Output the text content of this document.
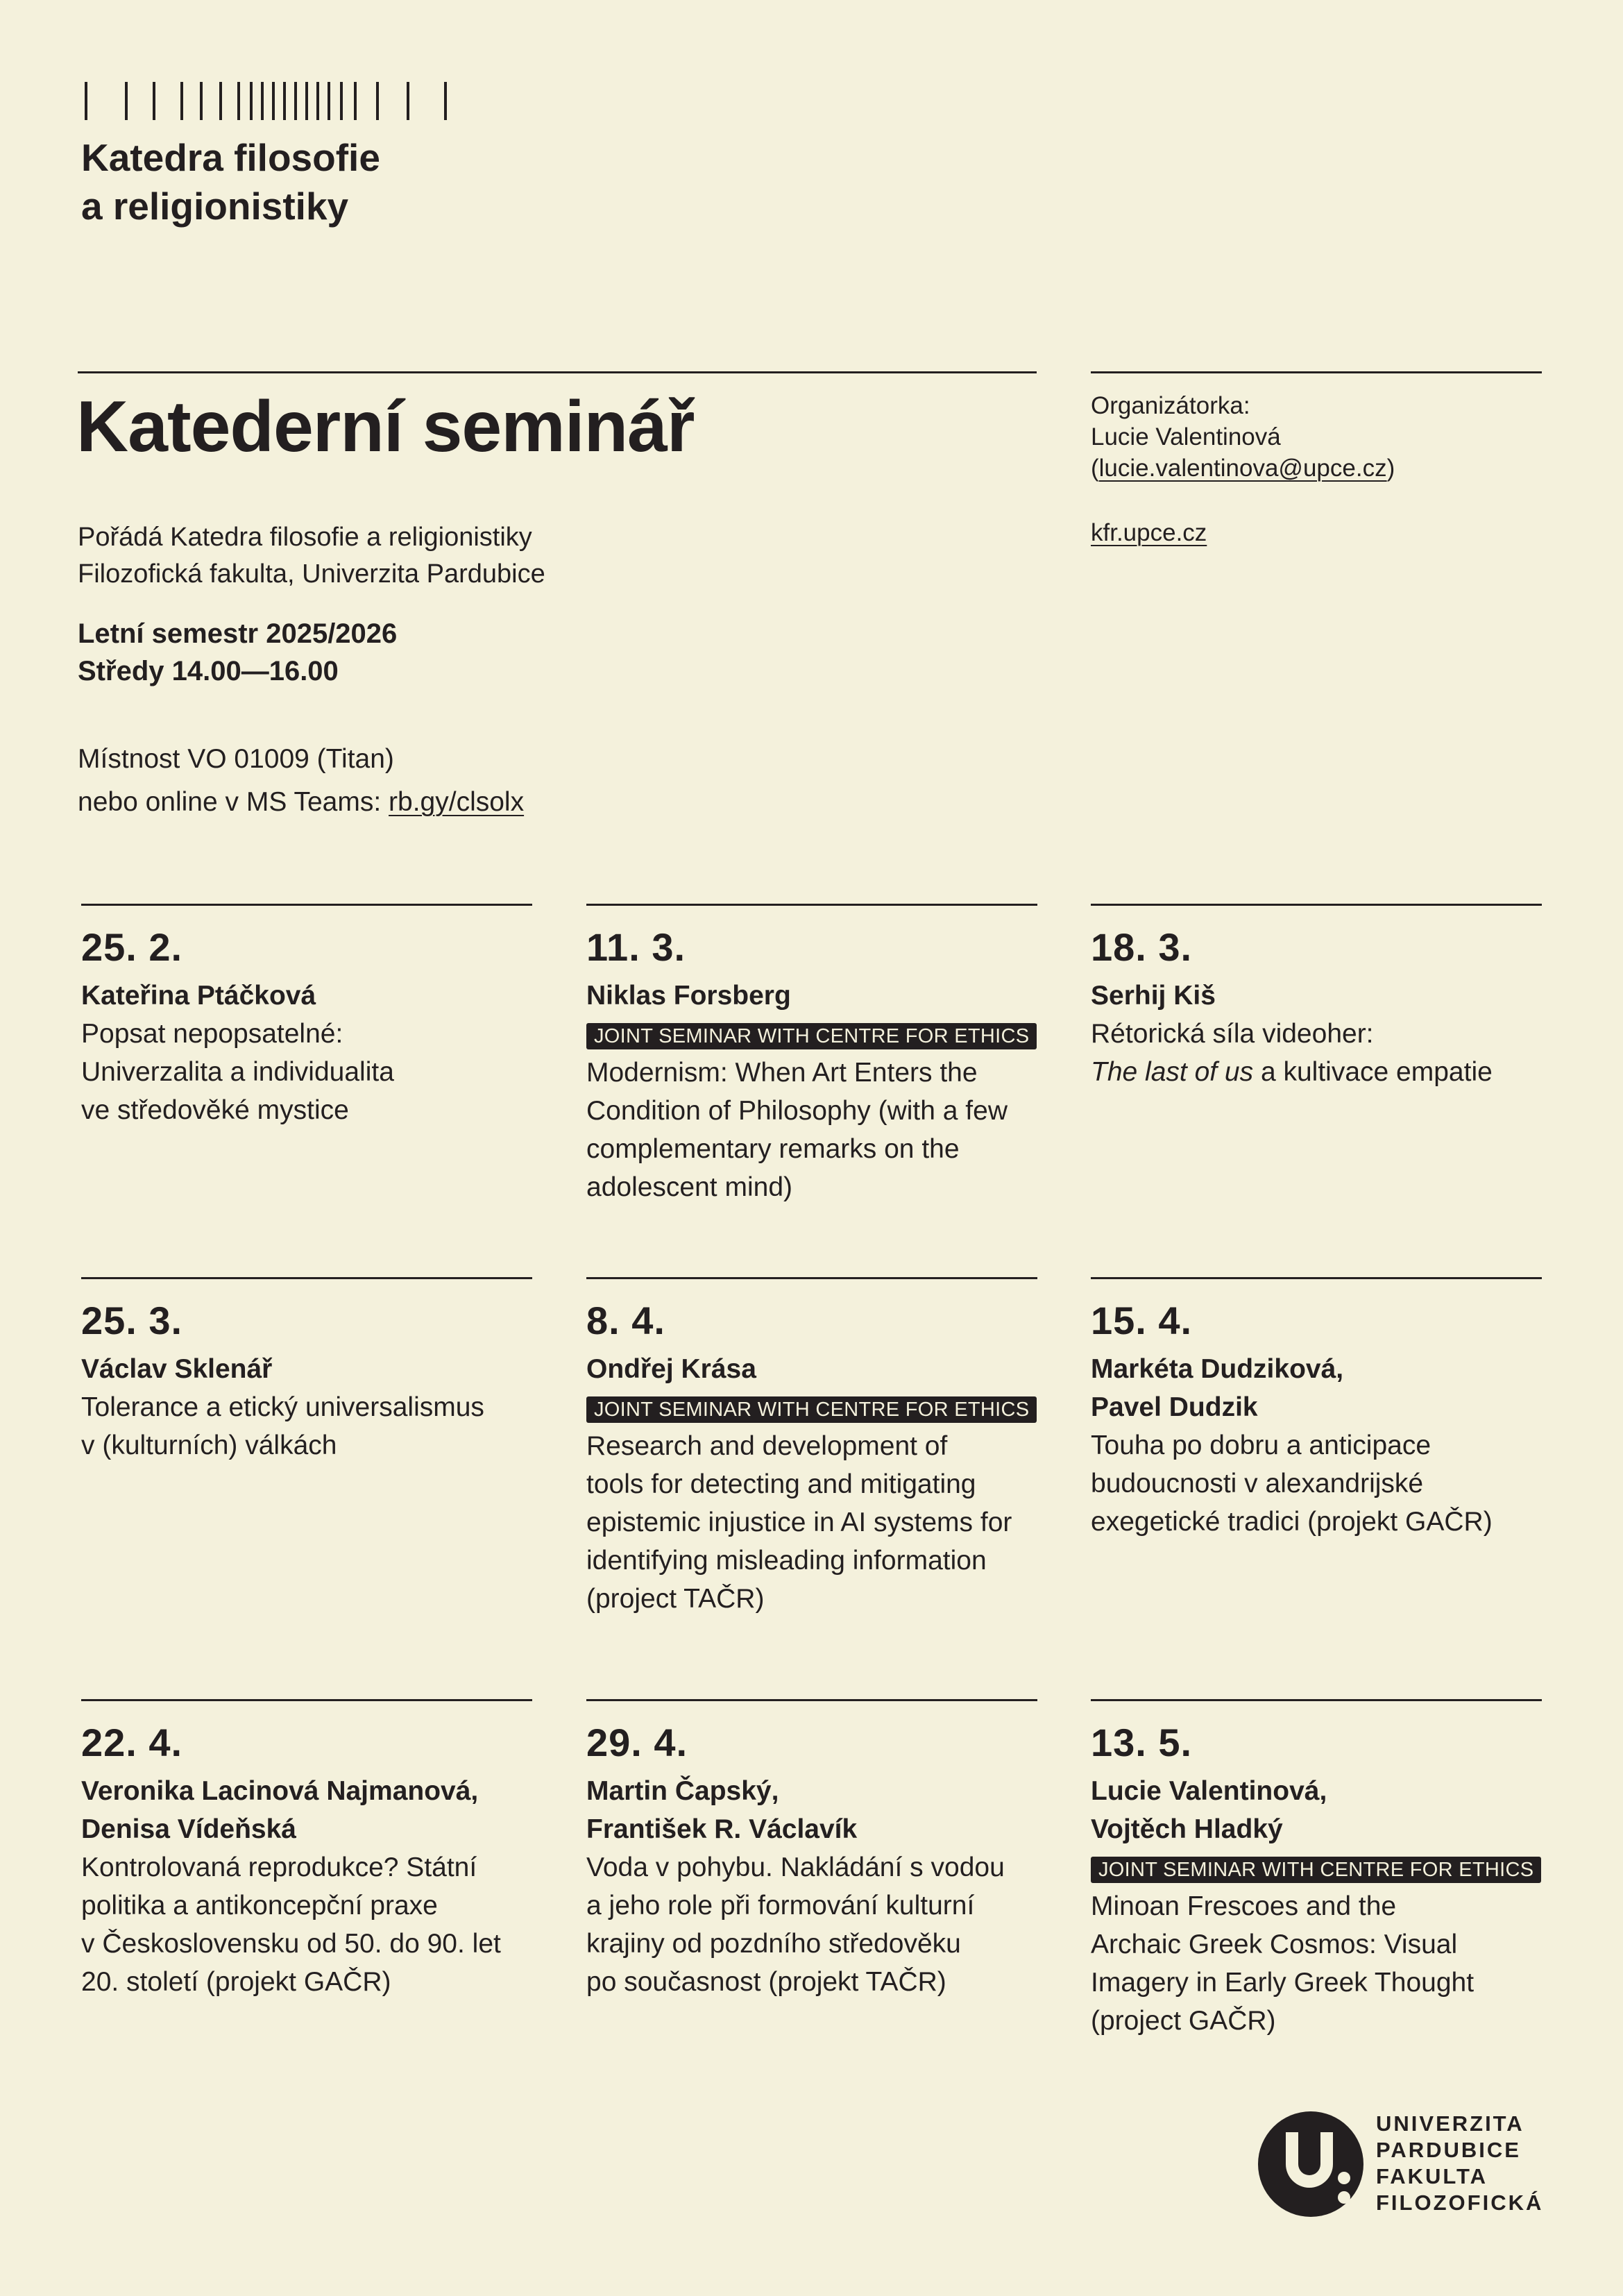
Katedra filosofie
a religionistiky
Katederní seminář
Pořádá Katedra filosofie a religionistiky
Filozofická fakulta, Univerzita Pardubice
Letní semestr 2025/2026
Středy 14.00—16.00
Místnost VO 01009 (Titan)
nebo online v MS Teams: rb.gy/clsolx
Organizátorka:
Lucie Valentinová
(lucie.valentinova@upce.cz)
kfr.upce.cz
25. 2.
Kateřina Ptáčková
Popsat nepopsatelné:
Univerzalita a individualita
ve středověké mystice
11. 3.
Niklas Forsberg
JOINT SEMINAR WITH CENTRE FOR ETHICS
Modernism: When Art Enters the
Condition of Philosophy (with a few
complementary remarks on the
adolescent mind)
18. 3.
Serhij Kiš
Rétorická síla videoher:
The last of us a kultivace empatie
25. 3.
Václav Sklenář
Tolerance a etický universalismus
v (kulturních) válkách
8. 4.
Ondřej Krása
JOINT SEMINAR WITH CENTRE FOR ETHICS
Research and development of
tools for detecting and mitigating
epistemic injustice in AI systems for
identifying misleading information
(project TAČR)
15. 4.
Markéta Dudziková,
Pavel Dudzik
Touha po dobru a anticipace
budoucnosti v alexandrijské
exegetické tradici (projekt GAČR)
22. 4.
Veronika Lacinová Najmanová,
Denisa Vídeňská
Kontrolovaná reprodukce? Státní
politika a antikoncepční praxe
v Československu od 50. do 90. let
20. století (projekt GAČR)
29. 4.
Martin Čapský,
František R. Václavík
Voda v pohybu. Nakládání s vodou
a jeho role při formování kulturní
krajiny od pozdního středověku
po současnost (projekt TAČR)
13. 5.
Lucie Valentinová,
Vojtěch Hladký
JOINT SEMINAR WITH CENTRE FOR ETHICS
Minoan Frescoes and the
Archaic Greek Cosmos: Visual
Imagery in Early Greek Thought
(project GAČR)
UNIVERZITA
PARDUBICE
FAKULTA
FILOZOFICKÁ
